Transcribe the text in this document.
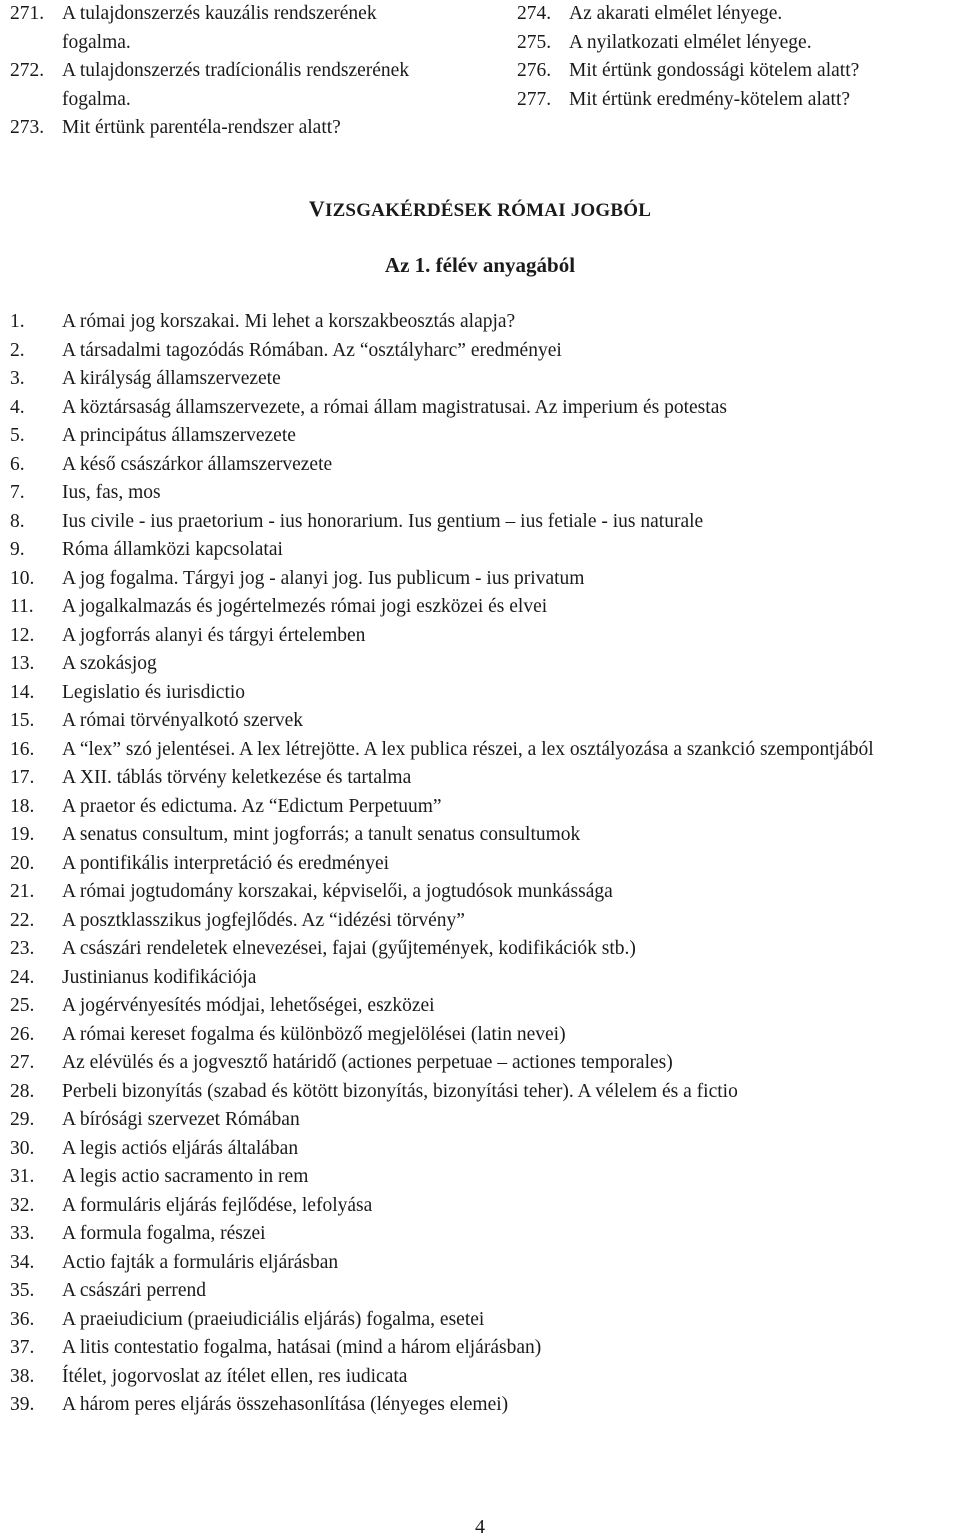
271. A tulajdonszerzés kauzális rendszerének fogalma.
272. A tulajdonszerzés tradícionális rendszerének fogalma.
273. Mit értünk parentéla-rendszer alatt?
274. Az akarati elmélet lényege.
275. A nyilatkozati elmélet lényege.
276. Mit értünk gondossági kötelem alatt?
277. Mit értünk eredmény-kötelem alatt?
VIZSGAKÉRDÉSEK RÓMAI JOGBÓL
Az 1. félév anyagából
1.	A római jog korszakai. Mi lehet a korszakbeosztás alapja?
2.	A társadalmi tagozódás Rómában. Az “osztályharc” eredményei
3.	A királyság államszervezete
4.	A köztársaság államszervezete, a római állam magistratusai. Az imperium és potestas
5.	A principátus államszervezete
6.	A késő császárkor államszervezete
7.	Ius, fas, mos
8.	Ius civile - ius praetorium - ius honorarium. Ius gentium – ius fetiale - ius naturale
9.	Róma államközi kapcsolatai
10.	A jog fogalma. Tárgyi jog - alanyi jog. Ius publicum - ius privatum
11.	A jogalkalmazás és jogértelmezés római jogi eszközei és elvei
12.	A jogforrás alanyi és tárgyi értelemben
13.	A szokásjog
14.	Legislatio és iurisdictio
15.	A római törvényalkotó szervek
16.	A “lex” szó jelentései. A lex létrejötte. A lex publica részei, a lex osztályozása a szankció szempontjából
17.	A XII. táblás törvény keletkezése és tartalma
18.	A praetor és edictuma. Az “Edictum Perpetuum”
19.	A senatus consultum, mint jogforrás; a tanult senatus consultumok
20.	A pontifikális interpretáció és eredményei
21.	A római jogtudomány korszakai, képviselői, a jogtudósok munkássága
22.	A posztklasszikus jogfejlődés. Az “idézési törvény”
23.	A császári rendeletek elnevezései, fajai (gyűjtemények, kodifikációk stb.)
24.	Justinianus kodifikációja
25.	A jogérvényesítés módjai, lehetőségei, eszközei
26.	A római kereset fogalma és különböző megjelölései (latin nevei)
27.	Az elévülés és a jogvesztő határidő (actiones perpetuae – actiones temporales)
28.	Perbeli bizonyítás (szabad és kötött bizonyítás, bizonyítási teher). A vélelem és a fictio
29.	A bírósági szervezet Rómában
30.	A legis actiós eljárás általában
31.	A legis actio sacramento in rem
32.	A formuláris eljárás fejlődése, lefolyása
33.	A formula fogalma, részei
34.	Actio fajták a formuláris eljárásban
35.	A császári perrend
36.	A praeiudicium (praeiudiciális eljárás) fogalma, esetei
37.	A litis contestatio fogalma, hatásai (mind a három eljárásban)
38.	Ítélet, jogorvoslat az ítélet ellen, res iudicata
39.	A három peres eljárás összehasonlítása (lényeges elemei)
4
